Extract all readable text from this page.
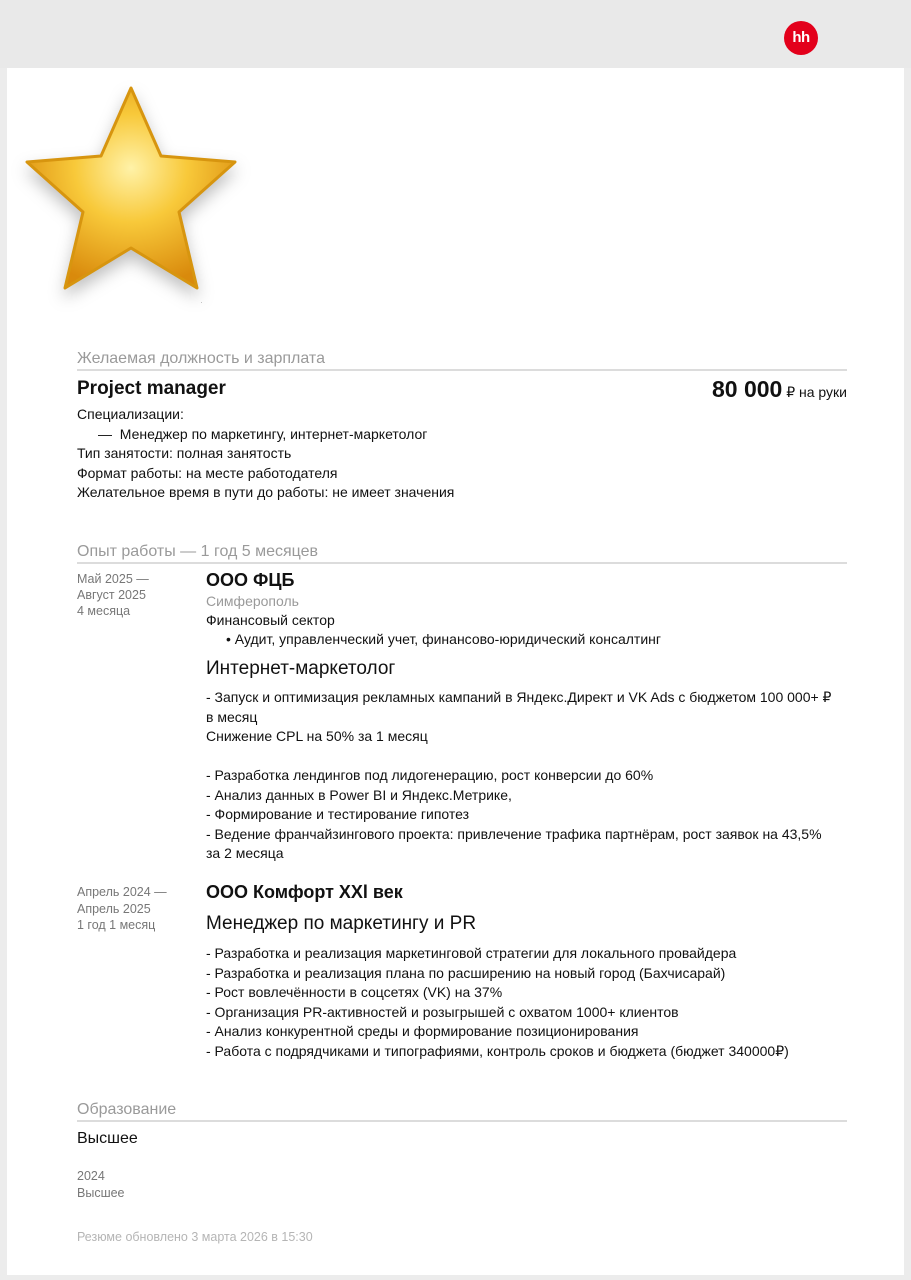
hh
·
Желаемая должность и зарплата
Project manager	80 000 ₽ на руки
Специализации:
—  Менеджер по маркетингу, интернет-маркетолог
Тип занятости: полная занятость
Формат работы: на месте работодателя
Желательное время в пути до работы: не имеет значения
Опыт работы — 1 год 5 месяцев
Май 2025 —
Август 2025
4 месяца
ООО ФЦБ
Симферополь
Финансовый сектор
• Аудит, управленческий учет, финансово-юридический консалтинг
Интернет-маркетолог
- Запуск и оптимизация рекламных кампаний в Яндекс.Директ и VK Ads с бюджетом 100 000+ ₽
в месяц
Снижение CPL на 50% за 1 месяц
- Разработка лендингов под лидогенерацию, рост конверсии до 60%
- Анализ данных в Power BI и Яндекс.Метрике,
- Формирование и тестирование гипотез
- Ведение франчайзингового проекта: привлечение трафика партнёрам, рост заявок на 43,5%
за 2 месяца
Апрель 2024 —
Апрель 2025
1 год 1 месяц
ООО Комфорт XXl век
Менеджер по маркетингу и PR
- Разработка и реализация маркетинговой стратегии для локального провайдера
- Разработка и реализация плана по расширению на новый город (Бахчисарай)
- Рост вовлечённости в соцсетях (VK) на 37%
- Организация PR-активностей и розыгрышей с охватом 1000+ клиентов
- Анализ конкурентной среды и формирование позиционирования
- Работа с подрядчиками и типографиями, контроль сроков и бюджета (бюджет 340000₽)
Образование
Высшее
2024
Высшее
Резюме обновлено 3 марта 2026 в 15:30
